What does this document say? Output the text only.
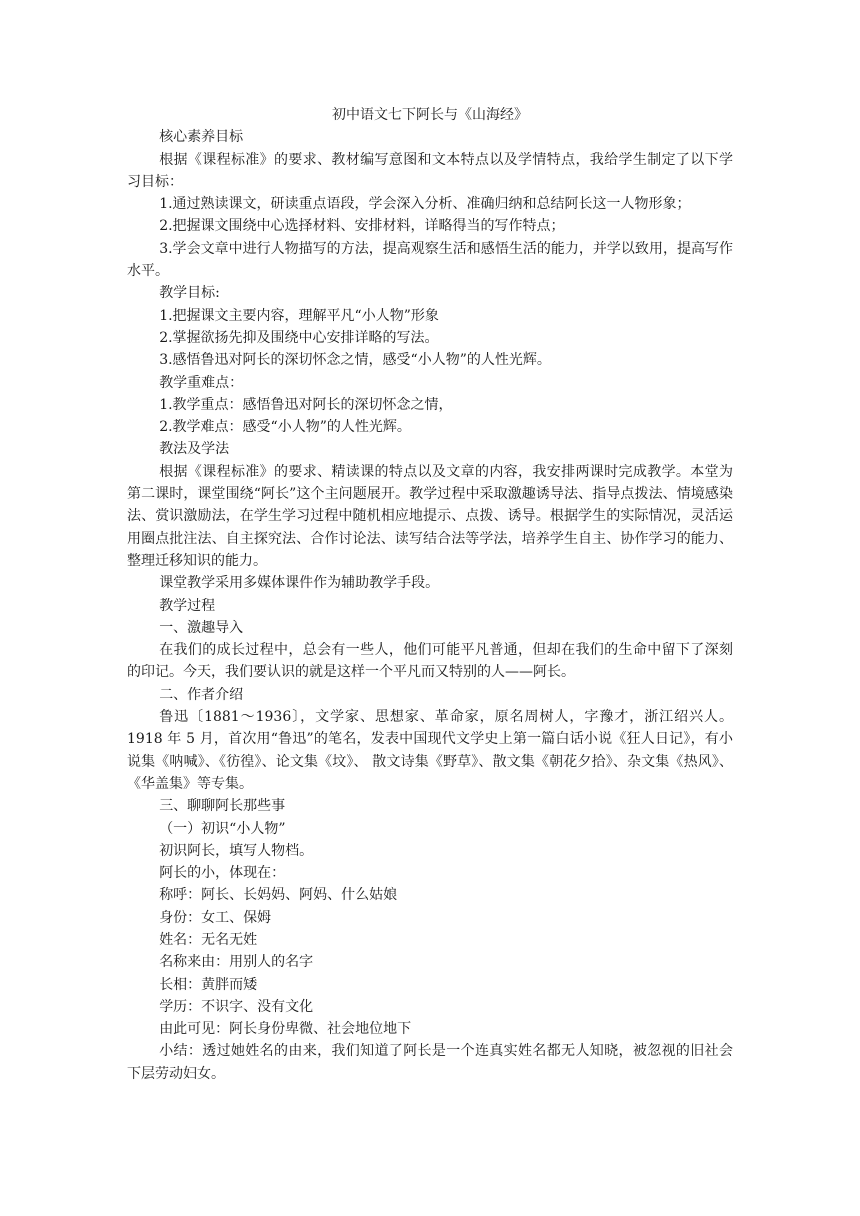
初中语文七下阿长与《山海经》

核心素养目标

根据《课程标准》的要求、教材编写意图和文本特点以及学情特点，我给学生制定了以下学习目标：

1.通过熟读课文，研读重点语段，学会深入分析、准确归纳和总结阿长这一人物形象；

2.把握课文围绕中心选择材料、安排材料，详略得当的写作特点；

3.学会文章中进行人物描写的方法，提高观察生活和感悟生活的能力，并学以致用，提高写作水平。

教学目标:

1.把握课文主要内容，理解平凡“小人物”形象

2.掌握欲扬先抑及围绕中心安排详略的写法。

3.感悟鲁迅对阿长的深切怀念之情，感受“小人物”的人性光辉。

教学重难点：

1.教学重点：感悟鲁迅对阿长的深切怀念之情，

2.教学难点：感受“小人物”的人性光辉。

教法及学法

根据《课程标准》的要求、精读课的特点以及文章的内容，我安排两课时完成教学。本堂为第二课时，课堂围绕“阿长”这个主问题展开。教学过程中采取激趣诱导法、指导点拨法、情境感染法、赏识激励法，在学生学习过程中随机相应地提示、点拨、诱导。根据学生的实际情况，灵活运用圈点批注法、自主探究法、合作讨论法、读写结合法等学法，培养学生自主、协作学习的能力、整理迁移知识的能力。

课堂教学采用多媒体课件作为辅助教学手段。

教学过程

一、激趣导入

在我们的成长过程中，总会有一些人，他们可能平凡普通，但却在我们的生命中留下了深刻的印记。今天，我们要认识的就是这样一个平凡而又特别的人——阿长。

二、作者介绍

鲁迅〔1881～1936〕，文学家、思想家、革命家，原名周树人，字豫才，浙江绍兴人。1918 年 5 月，首次用“鲁迅”的笔名，发表中国现代文学史上第一篇白话小说《狂人日记》，有小说集《呐喊》、《彷徨》、论文集《坟》、 散文诗集《野草》、散文集《朝花夕拾》、杂文集《热风》、《华盖集》等专集。

三、聊聊阿长那些事

（一）初识“小人物”

初识阿长，填写人物档。

阿长的小，体现在：

称呼：阿长、长妈妈、阿妈、什么姑娘

身份：女工、保姆

姓名：无名无姓

名称来由：用别人的名字

长相：黄胖而矮

学历：不识字、没有文化

由此可见：阿长身份卑微、社会地位地下

小结：透过她姓名的由来，我们知道了阿长是一个连真实姓名都无人知晓，被忽视的旧社会下层劳动妇女。
